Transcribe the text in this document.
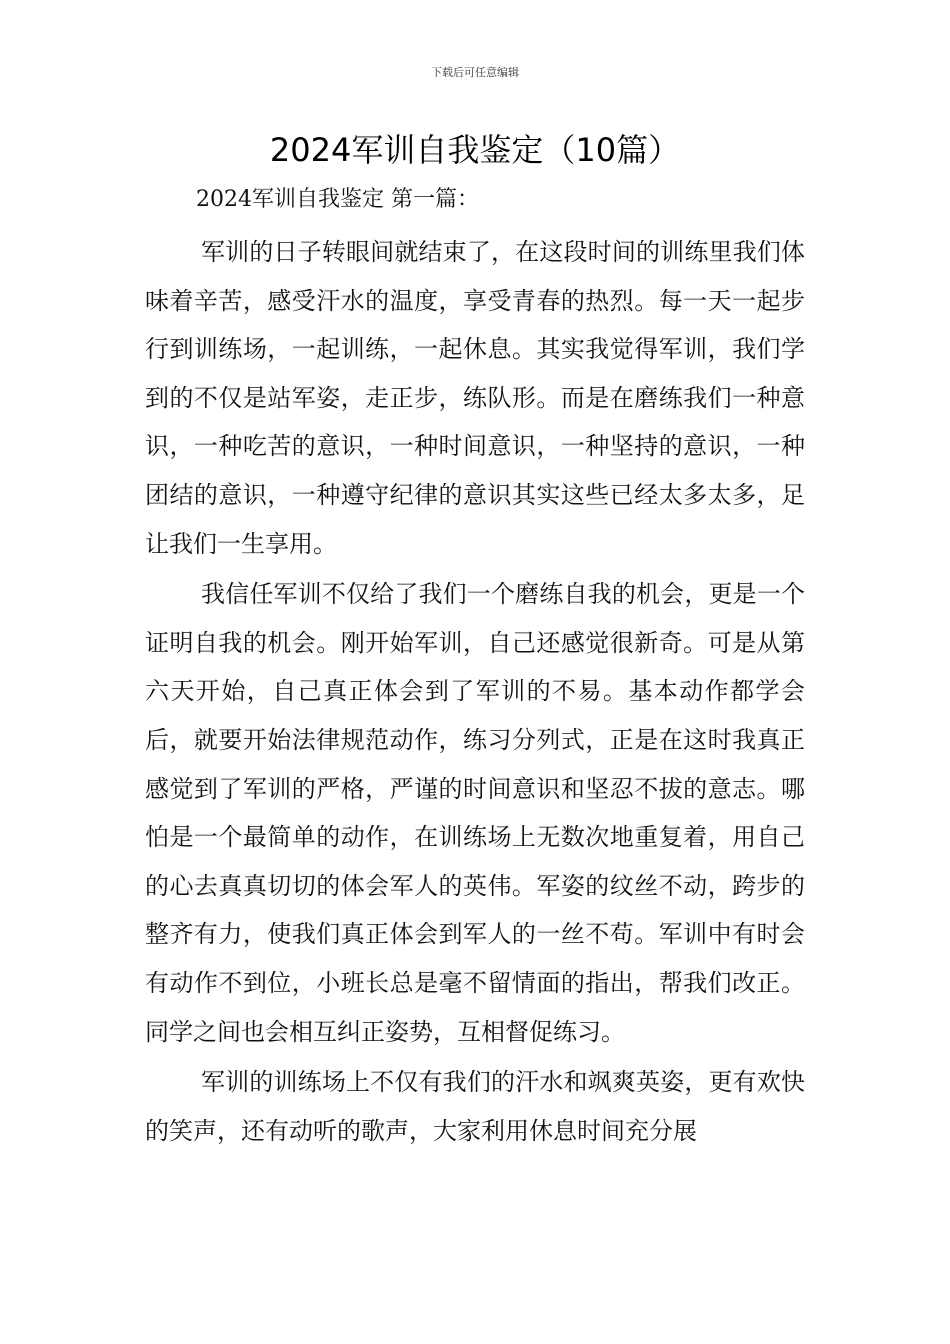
下载后可任意编辑
2024军训自我鉴定（10篇）
2024军训自我鉴定 第一篇：

军训的日子转眼间就结束了，在这段时间的训练里我们体味着辛苦，感受汗水的温度，享受青春的热烈。每一天一起步行到训练场，一起训练，一起休息。其实我觉得军训，我们学到的不仅是站军姿，走正步，练队形。而是在磨练我们一种意识，一种吃苦的意识，一种时间意识，一种坚持的意识，一种团结的意识，一种遵守纪律的意识其实这些已经太多太多，足让我们一生享用。

我信任军训不仅给了我们一个磨练自我的机会，更是一个证明自我的机会。刚开始军训，自己还感觉很新奇。可是从第六天开始，自己真正体会到了军训的不易。基本动作都学会后，就要开始法律规范动作，练习分列式，正是在这时我真正感觉到了军训的严格，严谨的时间意识和坚忍不拔的意志。哪怕是一个最简单的动作，在训练场上无数次地重复着，用自己的心去真真切切的体会军人的英伟。军姿的纹丝不动，跨步的整齐有力，使我们真正体会到军人的一丝不苟。军训中有时会有动作不到位，小班长总是毫不留情面的指出，帮我们改正。同学之间也会相互纠正姿势，互相督促练习。

军训的训练场上不仅有我们的汗水和飒爽英姿，更有欢快的笑声，还有动听的歌声，大家利用休息时间充分展
